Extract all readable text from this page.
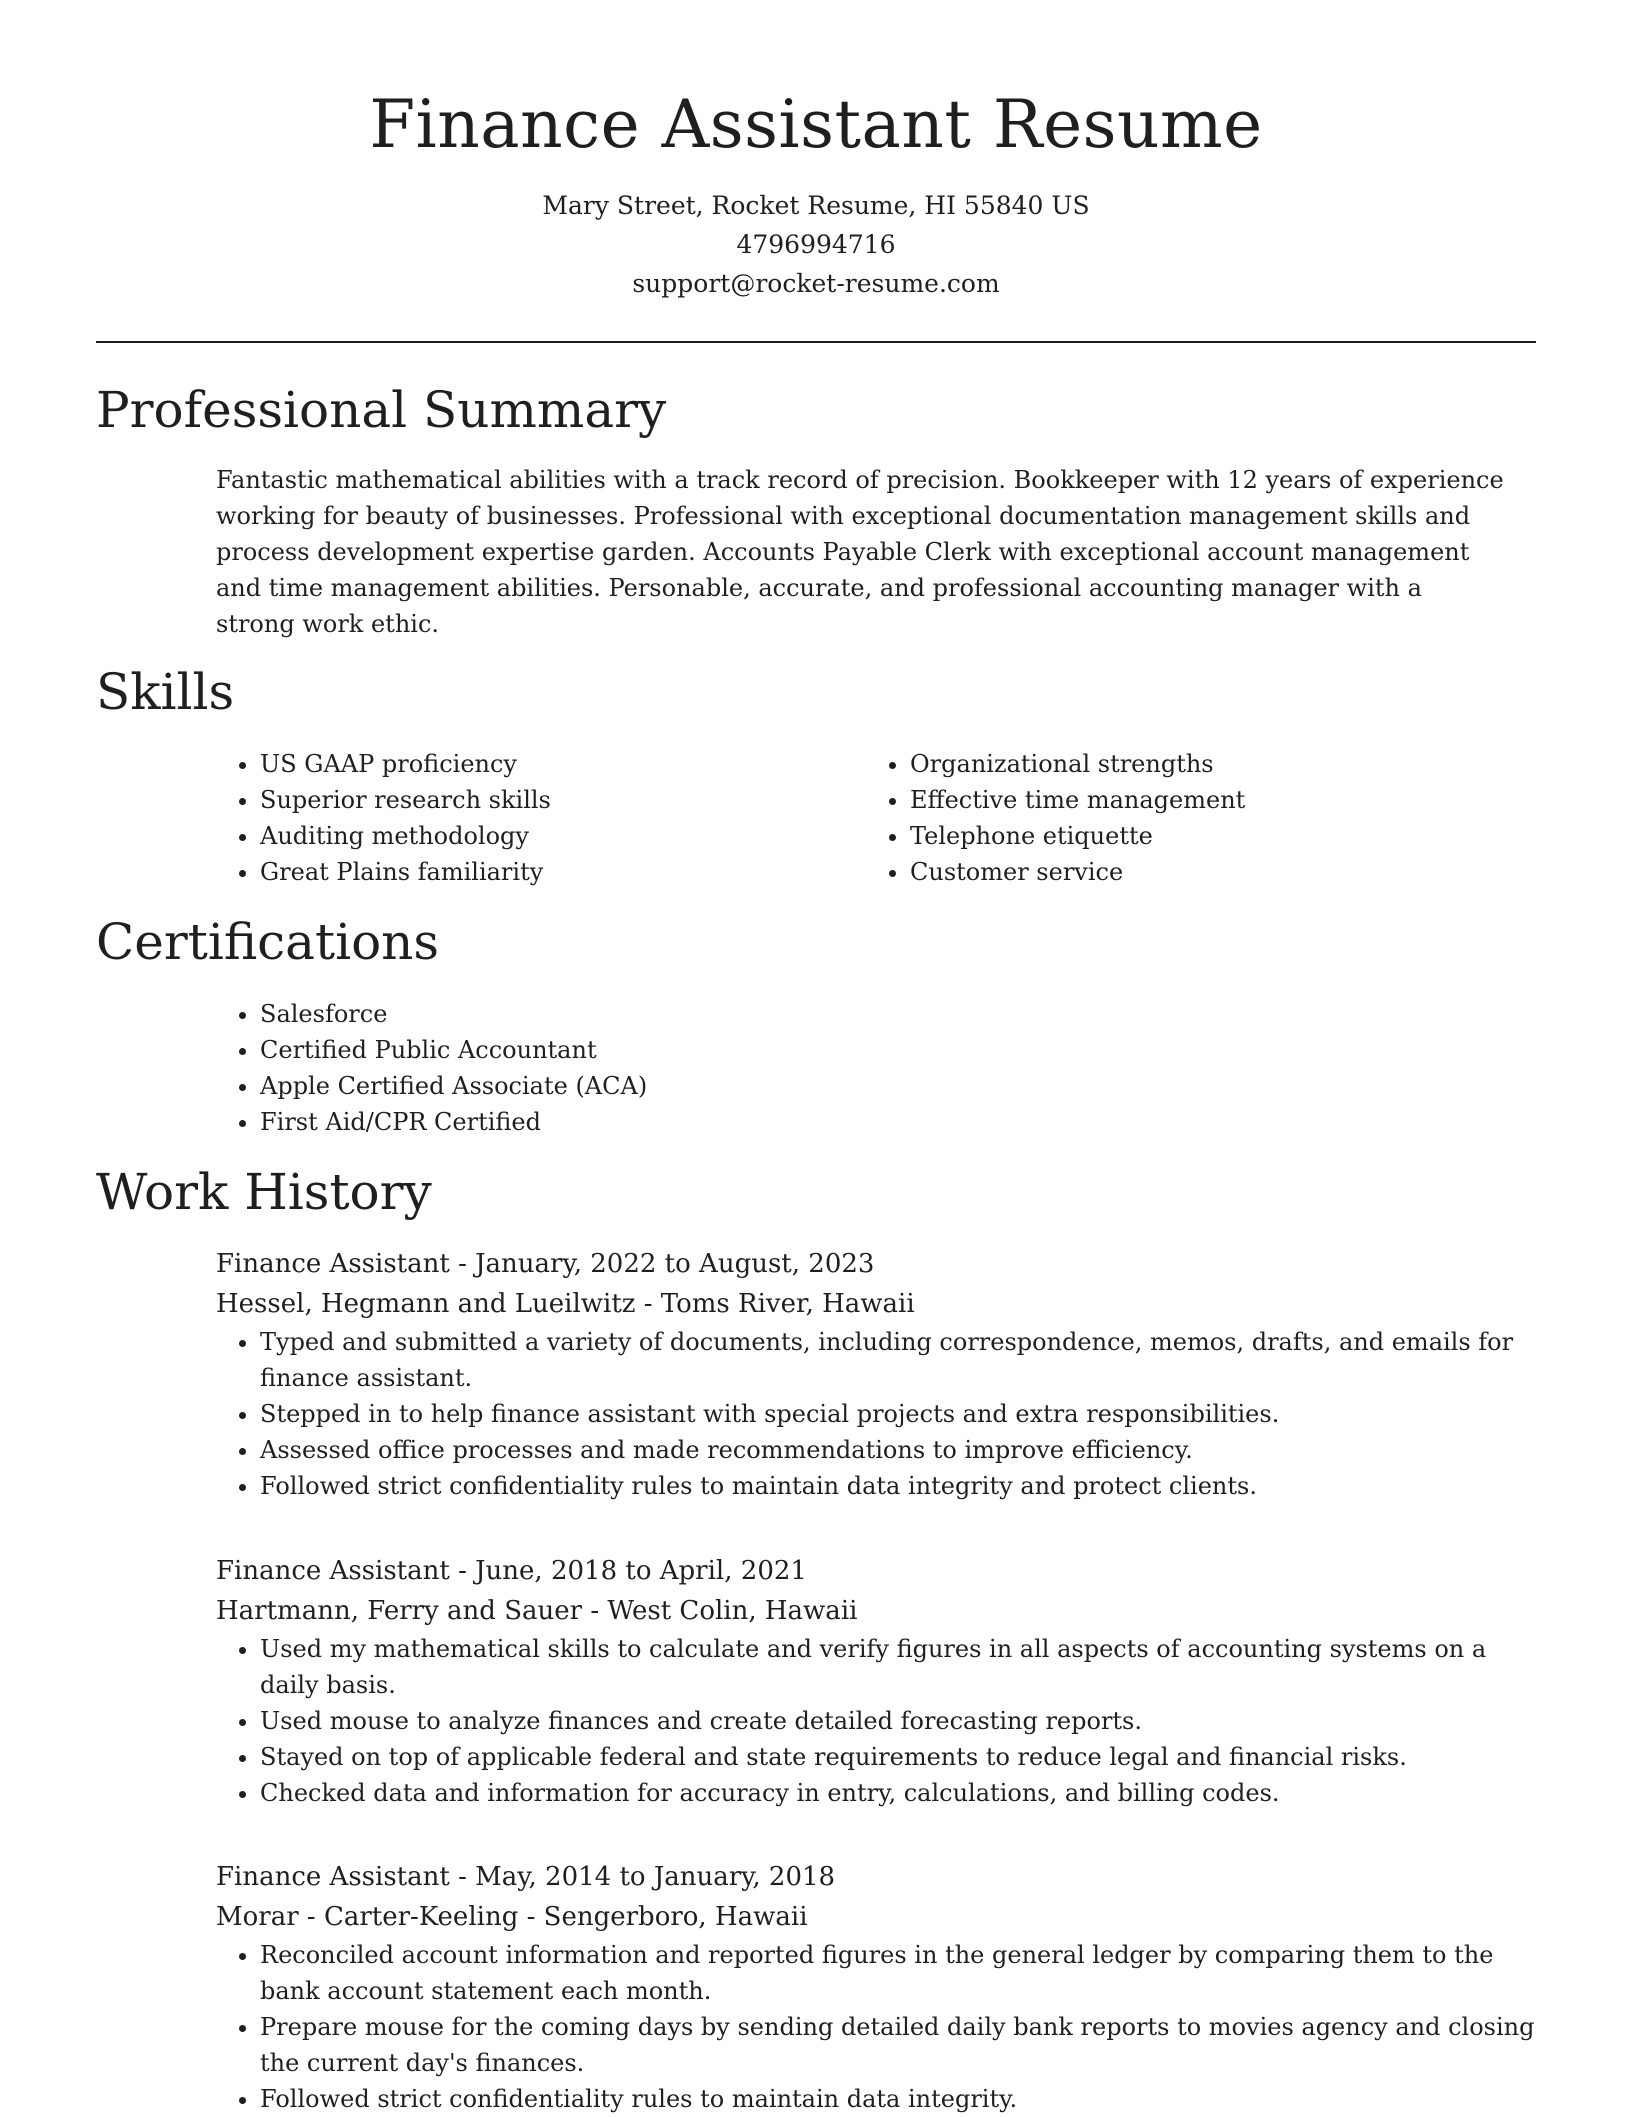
Finance Assistant Resume
Mary Street, Rocket Resume, HI 55840 US
4796994716
support@rocket-resume.com
Professional Summary

Fantastic mathematical abilities with a track record of precision. Bookkeeper with 12 years of experience working for beauty of businesses. Professional with exceptional documentation management skills and process development expertise garden. Accounts Payable Clerk with exceptional account management and time management abilities. Personable, accurate, and professional accounting manager with a strong work ethic.

Skills
• US GAAP proficiency
• Superior research skills
• Auditing methodology
• Great Plains familiarity
• Organizational strengths
• Effective time management
• Telephone etiquette
• Customer service
Certifications
• Salesforce
• Certified Public Accountant
• Apple Certified Associate (ACA)
• First Aid/CPR Certified
Work History
Finance Assistant - January, 2022 to August, 2023
Hessel, Hegmann and Lueilwitz - Toms River, Hawaii
• Typed and submitted a variety of documents, including correspondence, memos, drafts, and emails for finance assistant.
• Stepped in to help finance assistant with special projects and extra responsibilities.
• Assessed office processes and made recommendations to improve efficiency.
• Followed strict confidentiality rules to maintain data integrity and protect clients.
Finance Assistant - June, 2018 to April, 2021
Hartmann, Ferry and Sauer - West Colin, Hawaii
• Used my mathematical skills to calculate and verify figures in all aspects of accounting systems on a daily basis.
• Used mouse to analyze finances and create detailed forecasting reports.
• Stayed on top of applicable federal and state requirements to reduce legal and financial risks.
• Checked data and information for accuracy in entry, calculations, and billing codes.
Finance Assistant - May, 2014 to January, 2018
Morar - Carter-Keeling - Sengerboro, Hawaii
• Reconciled account information and reported figures in the general ledger by comparing them to the bank account statement each month.
• Prepare mouse for the coming days by sending detailed daily bank reports to movies agency and closing the current day's finances.
• Followed strict confidentiality rules to maintain data integrity.
